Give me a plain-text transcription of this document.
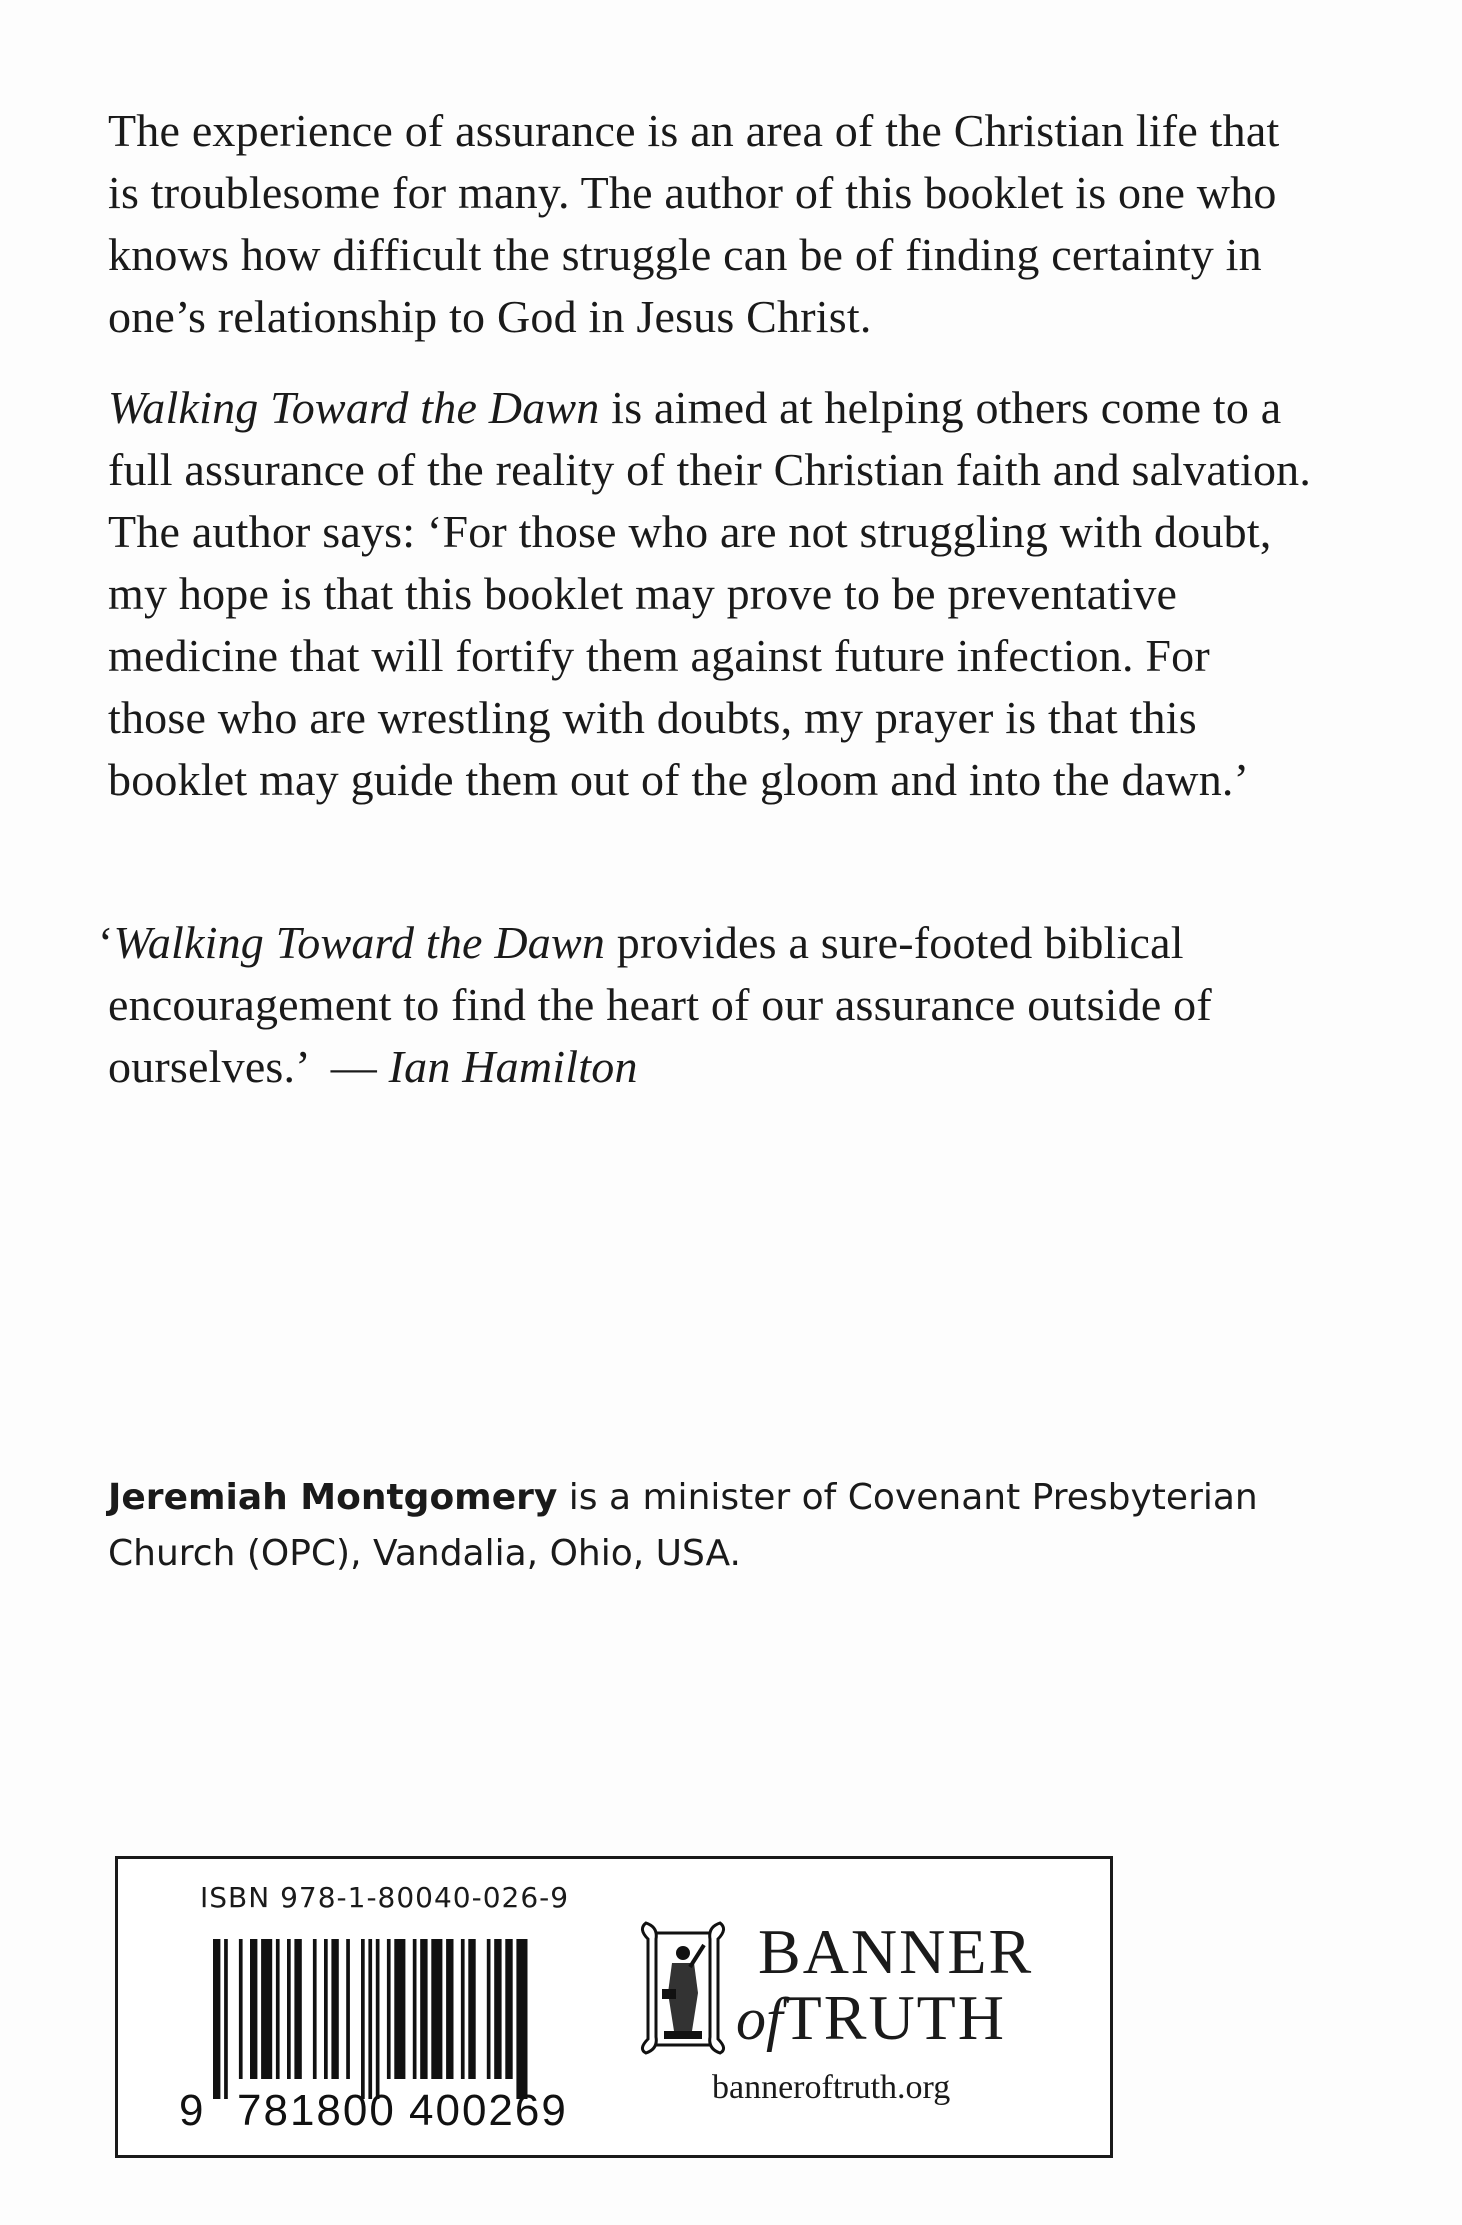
The experience of assurance is an area of the Christian life that
is troublesome for many. The author of this booklet is one who
knows how difficult the struggle can be of finding certainty in
one’s relationship to God in Jesus Christ.

Walking Toward the Dawn is aimed at helping others come to a
full assurance of the reality of their Christian faith and salvation.
The author says: ‘For those who are not struggling with doubt,
my hope is that this booklet may prove to be preventative
medicine that will fortify them against future infection. For
those who are wrestling with doubts, my prayer is that this
booklet may guide them out of the gloom and into the dawn.’

‘Walking Toward the Dawn provides a sure-footed biblical
encouragement to find the heart of our assurance outside of
ourselves.’  — Ian Hamilton

Jeremiah Montgomery is a minister of Covenant Presbyterian
Church (OPC), Vandalia, Ohio, USA.

ISBN 978-1-80040-026-9
9 781800 400269
BANNER
ofTRUTH
banneroftruth.org
